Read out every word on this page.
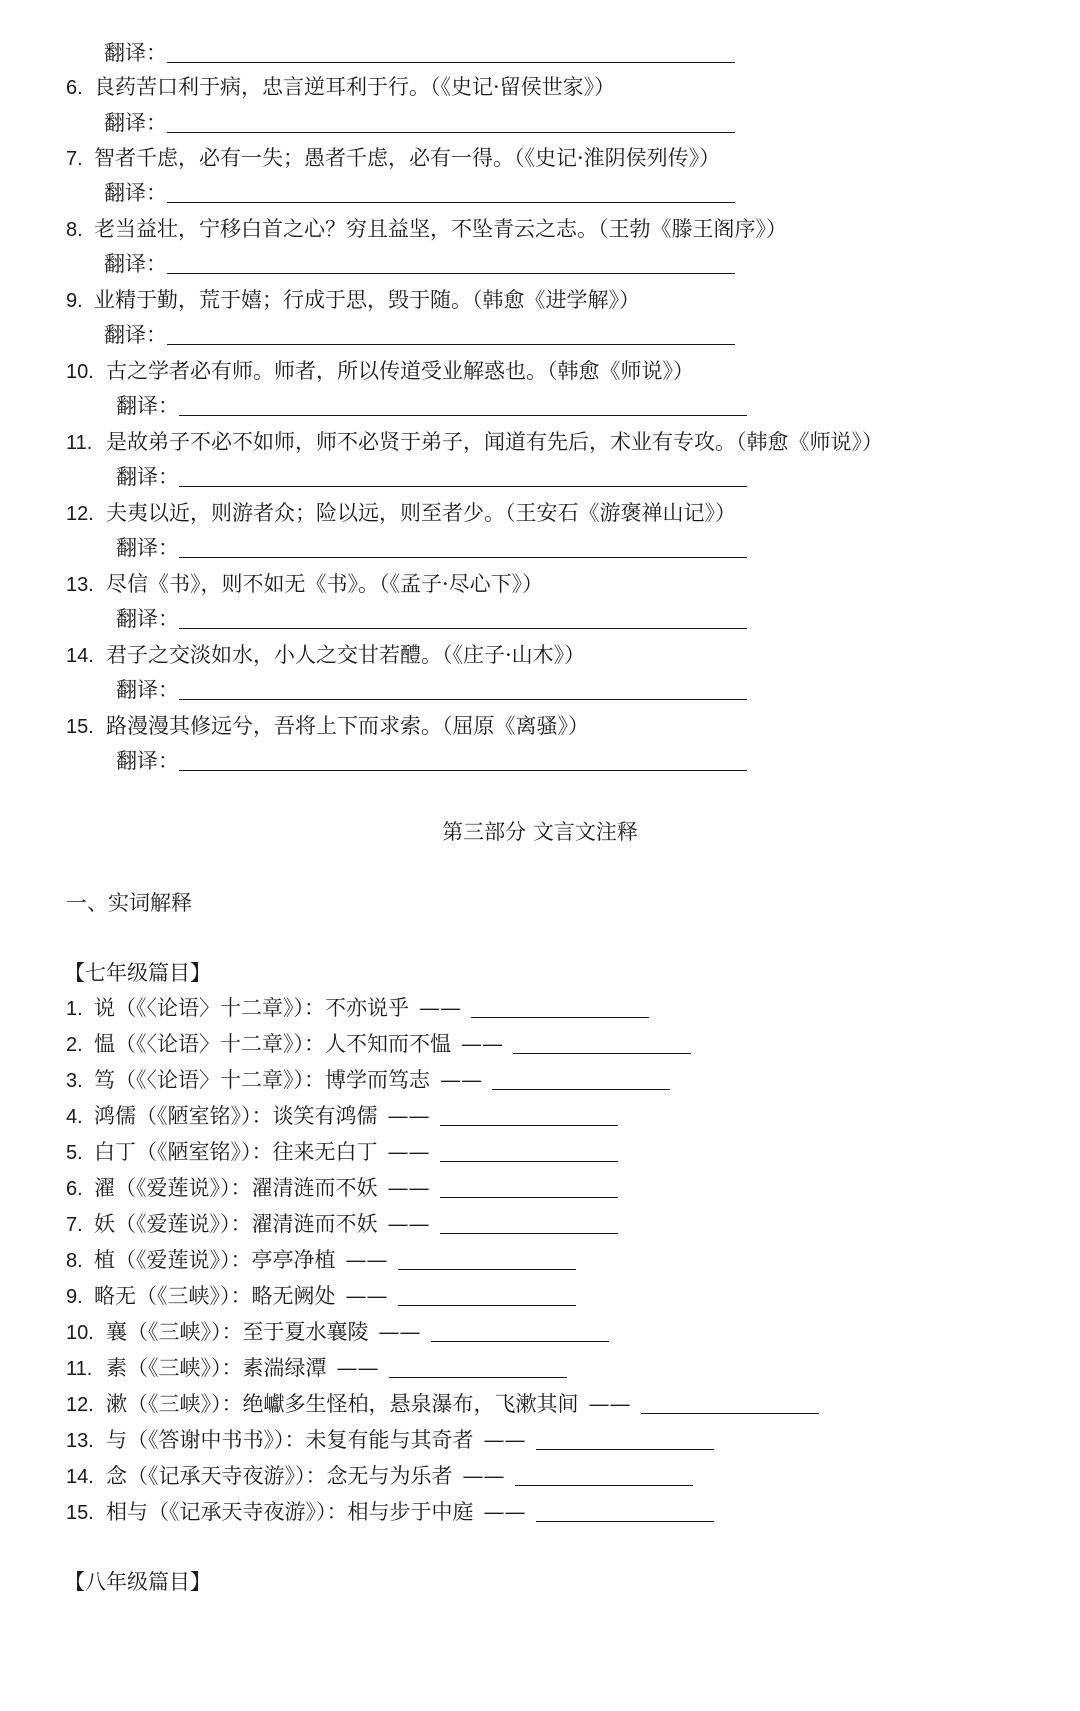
翻译：
6. 良药苦口利于病，忠言逆耳利于行。（《史记·留侯世家》）
翻译：
7. 智者千虑，必有一失；愚者千虑，必有一得。（《史记·淮阴侯列传》）
翻译：
8. 老当益壮，宁移白首之心？穷且益坚，不坠青云之志。（王勃《滕王阁序》）
翻译：
9. 业精于勤，荒于嬉；行成于思，毁于随。（韩愈《进学解》）
翻译：
10. 古之学者必有师。师者，所以传道受业解惑也。（韩愈《师说》）
翻译：
11. 是故弟子不必不如师，师不必贤于弟子，闻道有先后，术业有专攻。（韩愈《师说》）
翻译：
12. 夫夷以近，则游者众；险以远，则至者少。（王安石《游褒禅山记》）
翻译：
13. 尽信《书》，则不如无《书》。（《孟子·尽心下》）
翻译：
14. 君子之交淡如水，小人之交甘若醴。（《庄子·山木》）
翻译：
15. 路漫漫其修远兮，吾将上下而求索。（屈原《离骚》）
翻译：
第三部分 文言文注释
一、实词解释
【七年级篇目】
1. 说（《〈论语〉十二章》）：不亦说乎 ——
2. 愠（《〈论语〉十二章》）：人不知而不愠 ——
3. 笃（《〈论语〉十二章》）：博学而笃志 ——
4. 鸿儒（《陋室铭》）：谈笑有鸿儒 ——
5. 白丁（《陋室铭》）：往来无白丁 ——
6. 濯（《爱莲说》）：濯清涟而不妖 ——
7. 妖（《爱莲说》）：濯清涟而不妖 ——
8. 植（《爱莲说》）：亭亭净植 ——
9. 略无（《三峡》）：略无阙处 ——
10. 襄（《三峡》）：至于夏水襄陵 ——
11. 素（《三峡》）：素湍绿潭 ——
12. 漱（《三峡》）：绝巘多生怪柏，悬泉瀑布，飞漱其间 ——
13. 与（《答谢中书书》）：未复有能与其奇者 ——
14. 念（《记承天寺夜游》）：念无与为乐者 ——
15. 相与（《记承天寺夜游》）：相与步于中庭 ——
【八年级篇目】
